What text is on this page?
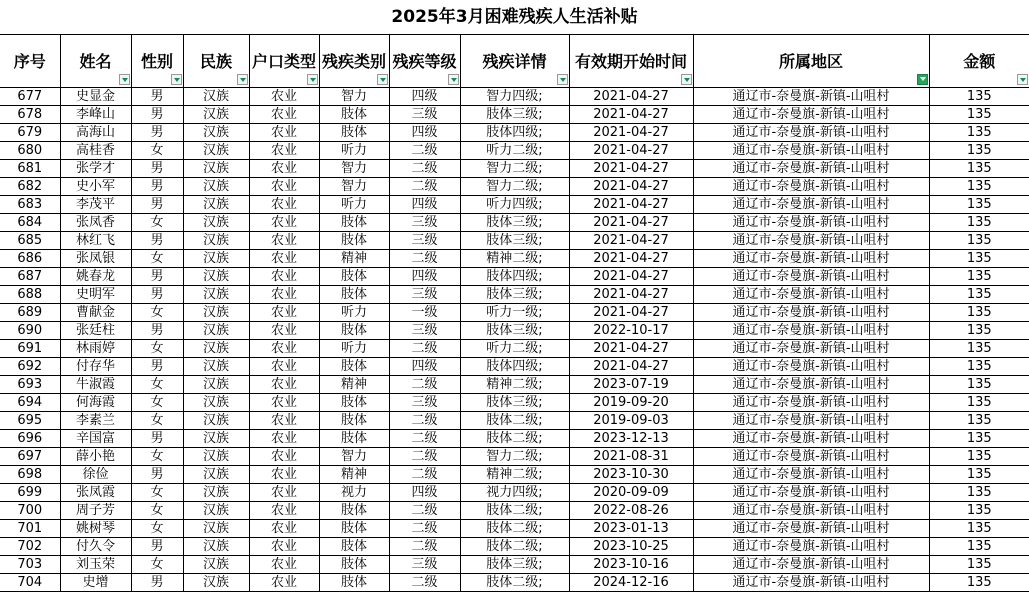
2025年3月困难残疾人生活补贴
序号	姓名	性别	民族	户口类型	残疾类别	残疾等级	残疾详情	有效期开始时间	所属地区	金额

677	史显金	男	汉族	农业	智力	四级	智力四级;	2021-04-27	通辽市-奈曼旗-新镇-山咀村	135
678	李峰山	男	汉族	农业	肢体	三级	肢体三级;	2021-04-27	通辽市-奈曼旗-新镇-山咀村	135
679	高海山	男	汉族	农业	肢体	四级	肢体四级;	2021-04-27	通辽市-奈曼旗-新镇-山咀村	135
680	高桂香	女	汉族	农业	听力	二级	听力二级;	2021-04-27	通辽市-奈曼旗-新镇-山咀村	135
681	张学才	男	汉族	农业	智力	二级	智力二级;	2021-04-27	通辽市-奈曼旗-新镇-山咀村	135
682	史小军	男	汉族	农业	智力	二级	智力二级;	2021-04-27	通辽市-奈曼旗-新镇-山咀村	135
683	李茂平	男	汉族	农业	听力	四级	听力四级;	2021-04-27	通辽市-奈曼旗-新镇-山咀村	135
684	张凤香	女	汉族	农业	肢体	三级	肢体三级;	2021-04-27	通辽市-奈曼旗-新镇-山咀村	135
685	林红飞	男	汉族	农业	肢体	三级	肢体三级;	2021-04-27	通辽市-奈曼旗-新镇-山咀村	135
686	张凤银	女	汉族	农业	精神	二级	精神二级;	2021-04-27	通辽市-奈曼旗-新镇-山咀村	135
687	姚春龙	男	汉族	农业	肢体	四级	肢体四级;	2021-04-27	通辽市-奈曼旗-新镇-山咀村	135
688	史明军	男	汉族	农业	肢体	三级	肢体三级;	2021-04-27	通辽市-奈曼旗-新镇-山咀村	135
689	曹献金	女	汉族	农业	听力	一级	听力一级;	2021-04-27	通辽市-奈曼旗-新镇-山咀村	135
690	张廷柱	男	汉族	农业	肢体	三级	肢体三级;	2022-10-17	通辽市-奈曼旗-新镇-山咀村	135
691	林雨婷	女	汉族	农业	听力	二级	听力二级;	2021-04-27	通辽市-奈曼旗-新镇-山咀村	135
692	付存华	男	汉族	农业	肢体	四级	肢体四级;	2021-04-27	通辽市-奈曼旗-新镇-山咀村	135
693	牛淑霞	女	汉族	农业	精神	二级	精神二级;	2023-07-19	通辽市-奈曼旗-新镇-山咀村	135
694	何海霞	女	汉族	农业	肢体	三级	肢体三级;	2019-09-20	通辽市-奈曼旗-新镇-山咀村	135
695	李素兰	女	汉族	农业	肢体	二级	肢体二级;	2019-09-03	通辽市-奈曼旗-新镇-山咀村	135
696	辛国富	男	汉族	农业	肢体	二级	肢体二级;	2023-12-13	通辽市-奈曼旗-新镇-山咀村	135
697	薛小艳	女	汉族	农业	智力	二级	智力二级;	2021-08-31	通辽市-奈曼旗-新镇-山咀村	135
698	徐俭	男	汉族	农业	精神	二级	精神二级;	2023-10-30	通辽市-奈曼旗-新镇-山咀村	135
699	张凤霞	女	汉族	农业	视力	四级	视力四级;	2020-09-09	通辽市-奈曼旗-新镇-山咀村	135
700	周子芳	女	汉族	农业	肢体	二级	肢体二级;	2022-08-26	通辽市-奈曼旗-新镇-山咀村	135
701	姚树琴	女	汉族	农业	肢体	二级	肢体二级;	2023-01-13	通辽市-奈曼旗-新镇-山咀村	135
702	付久令	男	汉族	农业	肢体	二级	肢体二级;	2023-10-25	通辽市-奈曼旗-新镇-山咀村	135
703	刘玉荣	女	汉族	农业	肢体	三级	肢体三级;	2023-10-16	通辽市-奈曼旗-新镇-山咀村	135
704	史增	男	汉族	农业	肢体	二级	肢体二级;	2024-12-16	通辽市-奈曼旗-新镇-山咀村	135
